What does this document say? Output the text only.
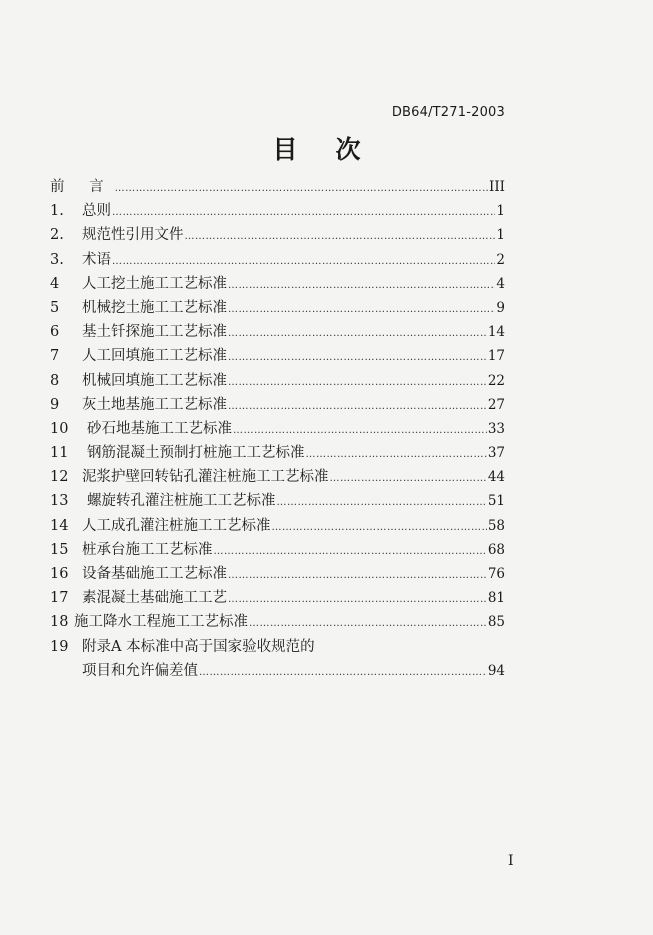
DB64/T271-2003
目次
前 言 ……………………………………………………………………………………………………………………………………………………………………	III
1.	总则 ……………………………………………………………………………………………………………………………………………………………………	1
2.	规范性引用文件 ……………………………………………………………………………………………………………………………………………………………………	1
3.	术语 ……………………………………………………………………………………………………………………………………………………………………	2
4	人工挖土施工工艺标准 ……………………………………………………………………………………………………………………………………………………………………	4
5	机械挖土施工工艺标准 ……………………………………………………………………………………………………………………………………………………………………	9
6	基土钎探施工工艺标准 ……………………………………………………………………………………………………………………………………………………………………	14
7	人工回填施工工艺标准 ……………………………………………………………………………………………………………………………………………………………………	17
8	机械回填施工工艺标准 ……………………………………………………………………………………………………………………………………………………………………	22
9	灰土地基施工工艺标准 ……………………………………………………………………………………………………………………………………………………………………	27
10	砂石地基施工工艺标准 ……………………………………………………………………………………………………………………………………………………………………	33
11	钢筋混凝土预制打桩施工工艺标准 ……………………………………………………………………………………………………………………………………………………………………	37
12 泥浆护壁回转钻孔灌注桩施工工艺标准 ……………………………………………………………………………………………………………………………………………………………………	44
13	螺旋转孔灌注桩施工工艺标准 ……………………………………………………………………………………………………………………………………………………………………	51
14 人工成孔灌注桩施工工艺标准 ……………………………………………………………………………………………………………………………………………………………………	58
15 桩承台施工工艺标准 ……………………………………………………………………………………………………………………………………………………………………	68
16 设备基础施工工艺标准 ……………………………………………………………………………………………………………………………………………………………………	76
17 素混凝土基础施工工艺 ……………………………………………………………………………………………………………………………………………………………………	81
18 施工降水工程施工工艺标准 ……………………………………………………………………………………………………………………………………………………………………	85
19 附录A 本标准中高于国家验收规范的
项目和允许偏差值 ……………………………………………………………………………………………………………………………………………………………………	94
I
